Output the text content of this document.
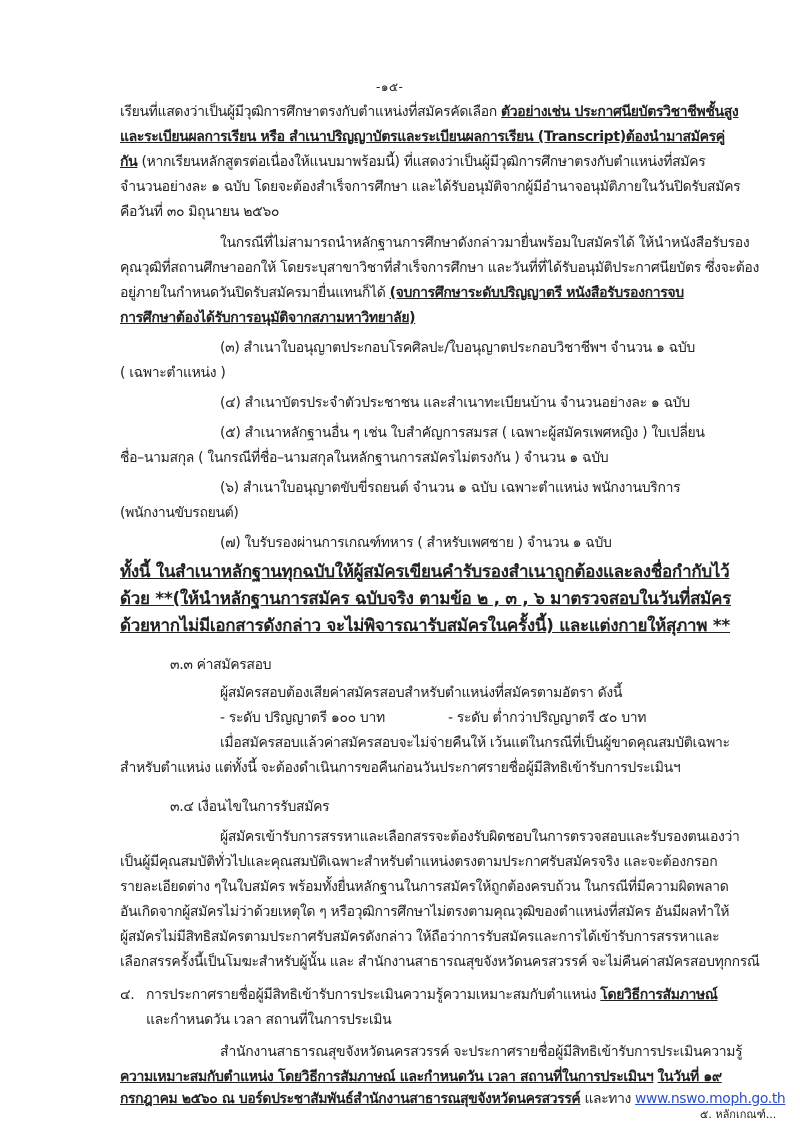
-๑๕-
เรียนที่แสดงว่าเป็นผู้มีวุฒิการศึกษาตรงกับตำแหน่งที่สมัครคัดเลือก ตัวอย่างเช่น ประกาศนียบัตรวิชาชีพชั้นสูง
และระเบียนผลการเรียน หรือ สำเนาปริญญาบัตรและระเบียนผลการเรียน (Transcript)ต้องนำมาสมัครคู่
กัน (หากเรียนหลักสูตรต่อเนื่องให้แนบมาพร้อมนี้) ที่แสดงว่าเป็นผู้มีวุฒิการศึกษาตรงกับตำแหน่งที่สมัคร
จำนวนอย่างละ ๑ ฉบับ โดยจะต้องสำเร็จการศึกษา และได้รับอนุมัติจากผู้มีอำนาจอนุมัติภายในวันปิดรับสมัคร
คือวันที่ ๓๐ มิถุนายน ๒๕๖๐
ในกรณีที่ไม่สามารถนำหลักฐานการศึกษาดังกล่าวมายื่นพร้อมใบสมัครได้ ให้นำหนังสือรับรอง
คุณวุฒิที่สถานศึกษาออกให้ โดยระบุสาขาวิชาที่สำเร็จการศึกษา และวันที่ที่ได้รับอนุมัติประกาศนียบัตร ซึ่งจะต้อง
อยู่ภายในกำหนดวันปิดรับสมัครมายื่นแทนก็ได้ (จบการศึกษาระดับปริญญาตรี หนังสือรับรองการจบ
การศึกษาต้องได้รับการอนุมัติจากสภามหาวิทยาลัย)
(๓) สำเนาใบอนุญาตประกอบโรคศิลปะ/ใบอนุญาตประกอบวิชาชีพฯ จำนวน ๑ ฉบับ
( เฉพาะตำแหน่ง )
(๔) สำเนาบัตรประจำตัวประชาชน และสำเนาทะเบียนบ้าน จำนวนอย่างละ ๑ ฉบับ
(๕) สำเนาหลักฐานอื่น ๆ เช่น ใบสำคัญการสมรส ( เฉพาะผู้สมัครเพศหญิง ) ใบเปลี่ยน
ชื่อ–นามสกุล ( ในกรณีที่ชื่อ–นามสกุลในหลักฐานการสมัครไม่ตรงกัน ) จำนวน ๑ ฉบับ
(๖) สำเนาใบอนุญาตขับขี่รถยนต์ จำนวน ๑ ฉบับ เฉพาะตำแหน่ง พนักงานบริการ
(พนักงานขับรถยนต์)
(๗) ใบรับรองผ่านการเกณฑ์ทหาร ( สำหรับเพศชาย ) จำนวน ๑ ฉบับ
ทั้งนี้ ในสำเนาหลักฐานทุกฉบับให้ผู้สมัครเขียนคำรับรองสำเนาถูกต้องและลงชื่อกำกับไว้
ด้วย **(ให้นำหลักฐานการสมัคร ฉบับจริง ตามข้อ ๒ , ๓ , ๖ มาตรวจสอบในวันที่สมัคร
ด้วยหากไม่มีเอกสารดังกล่าว จะไม่พิจารณารับสมัครในครั้งนี้) และแต่งกายให้สุภาพ **
๓.๓ ค่าสมัครสอบ
ผู้สมัครสอบต้องเสียค่าสมัครสอบสำหรับตำแหน่งที่สมัครตามอัตรา ดังนี้
- ระดับ ปริญญาตรี ๑๐๐ บาท	- ระดับ ต่ำกว่าปริญญาตรี ๕๐ บาท
เมื่อสมัครสอบแล้วค่าสมัครสอบจะไม่จ่ายคืนให้ เว้นแต่ในกรณีที่เป็นผู้ขาดคุณสมบัติเฉพาะ
สำหรับตำแหน่ง แต่ทั้งนี้ จะต้องดำเนินการขอคืนก่อนวันประกาศรายชื่อผู้มีสิทธิเข้ารับการประเมินฯ
๓.๔ เงื่อนไขในการรับสมัคร
ผู้สมัครเข้ารับการสรรหาและเลือกสรรจะต้องรับผิดชอบในการตรวจสอบและรับรองตนเองว่า
เป็นผู้มีคุณสมบัติทั่วไปและคุณสมบัติเฉพาะสำหรับตำแหน่งตรงตามประกาศรับสมัครจริง และจะต้องกรอก
รายละเอียดต่าง ๆในใบสมัคร พร้อมทั้งยื่นหลักฐานในการสมัครให้ถูกต้องครบถ้วน ในกรณีที่มีความผิดพลาด
อันเกิดจากผู้สมัครไม่ว่าด้วยเหตุใด ๆ หรือวุฒิการศึกษาไม่ตรงตามคุณวุฒิของตำแหน่งที่สมัคร อันมีผลทำให้
ผู้สมัครไม่มีสิทธิสมัครตามประกาศรับสมัครดังกล่าว ให้ถือว่าการรับสมัครและการได้เข้ารับการสรรหาและ
เลือกสรรครั้งนี้เป็นโมฆะสำหรับผู้นั้น และ สำนักงานสาธารณสุขจังหวัดนครสวรรค์ จะไม่คืนค่าสมัครสอบทุกกรณี
๔. การประกาศรายชื่อผู้มีสิทธิเข้ารับการประเมินความรู้ความเหมาะสมกับตำแหน่ง โดยวิธีการสัมภาษณ์
และกำหนดวัน เวลา สถานที่ในการประเมิน
สำนักงานสาธารณสุขจังหวัดนครสวรรค์ จะประกาศรายชื่อผู้มีสิทธิเข้ารับการประเมินความรู้
ความเหมาะสมกับตำแหน่ง โดยวิธีการสัมภาษณ์ และกำหนดวัน เวลา สถานที่ในการประเมินฯ ในวันที่ ๑๙
กรกฎาคม ๒๕๖๐ ณ บอร์ดประชาสัมพันธ์สำนักงานสาธารณสุขจังหวัดนครสวรรค์ และทาง www.nswo.moph.go.th
๕. หลักเกณฑ์...
